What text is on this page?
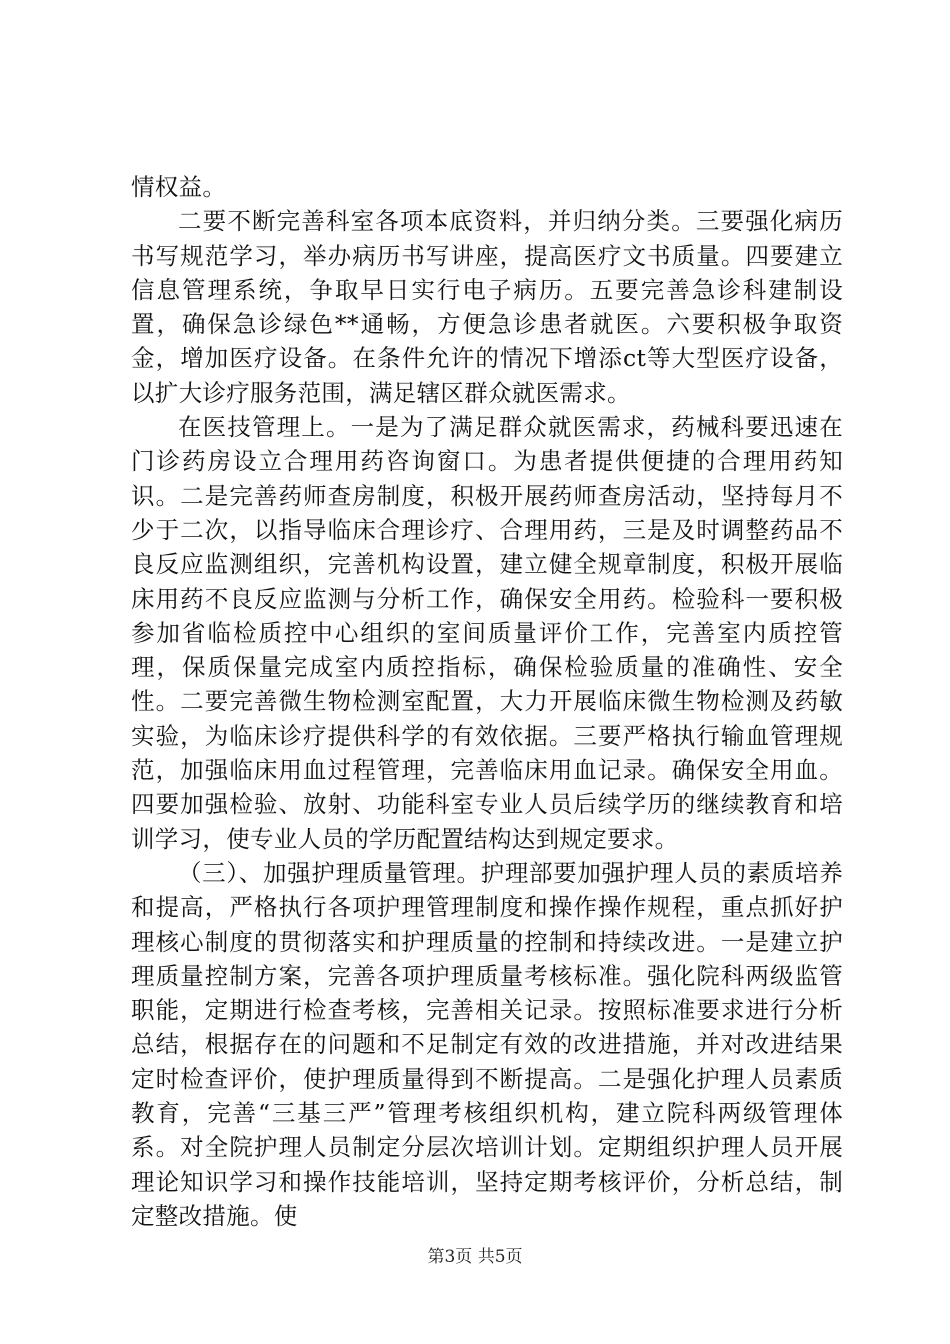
情权益。

二要不断完善科室各项本底资料，并归纳分类。三要强化病历书写规范学习，举办病历书写讲座，提高医疗文书质量。四要建立信息管理系统，争取早日实行电子病历。五要完善急诊科建制设置，确保急诊绿色**通畅，方便急诊患者就医。六要积极争取资金，增加医疗设备。在条件允许的情况下增添ct等大型医疗设备，以扩大诊疗服务范围，满足辖区群众就医需求。

在医技管理上。一是为了满足群众就医需求，药械科要迅速在门诊药房设立合理用药咨询窗口。为患者提供便捷的合理用药知识。二是完善药师查房制度，积极开展药师查房活动，坚持每月不少于二次，以指导临床合理诊疗、合理用药，三是及时调整药品不良反应监测组织，完善机构设置，建立健全规章制度，积极开展临床用药不良反应监测与分析工作，确保安全用药。检验科一要积极参加省临检质控中心组织的室间质量评价工作，完善室内质控管理，保质保量完成室内质控指标，确保检验质量的准确性、安全性。二要完善微生物检测室配置，大力开展临床微生物检测及药敏实验，为临床诊疗提供科学的有效依据。三要严格执行输血管理规范，加强临床用血过程管理，完善临床用血记录。确保安全用血。四要加强检验、放射、功能科室专业人员后续学历的继续教育和培训学习，使专业人员的学历配置结构达到规定要求。

（三）、加强护理质量管理。护理部要加强护理人员的素质培养和提高，严格执行各项护理管理制度和操作操作规程，重点抓好护理核心制度的贯彻落实和护理质量的控制和持续改进。一是建立护理质量控制方案，完善各项护理质量考核标准。强化院科两级监管职能，定期进行检查考核，完善相关记录。按照标准要求进行分析总结，根据存在的问题和不足制定有效的改进措施，并对改进结果定时检查评价，使护理质量得到不断提高。二是强化护理人员素质教育，完善“三基三严”管理考核组织机构，建立院科两级管理体系。对全院护理人员制定分层次培训计划。定期组织护理人员开展理论知识学习和操作技能培训，坚持定期考核评价，分析总结，制定整改措施。使

第3页 共5页
